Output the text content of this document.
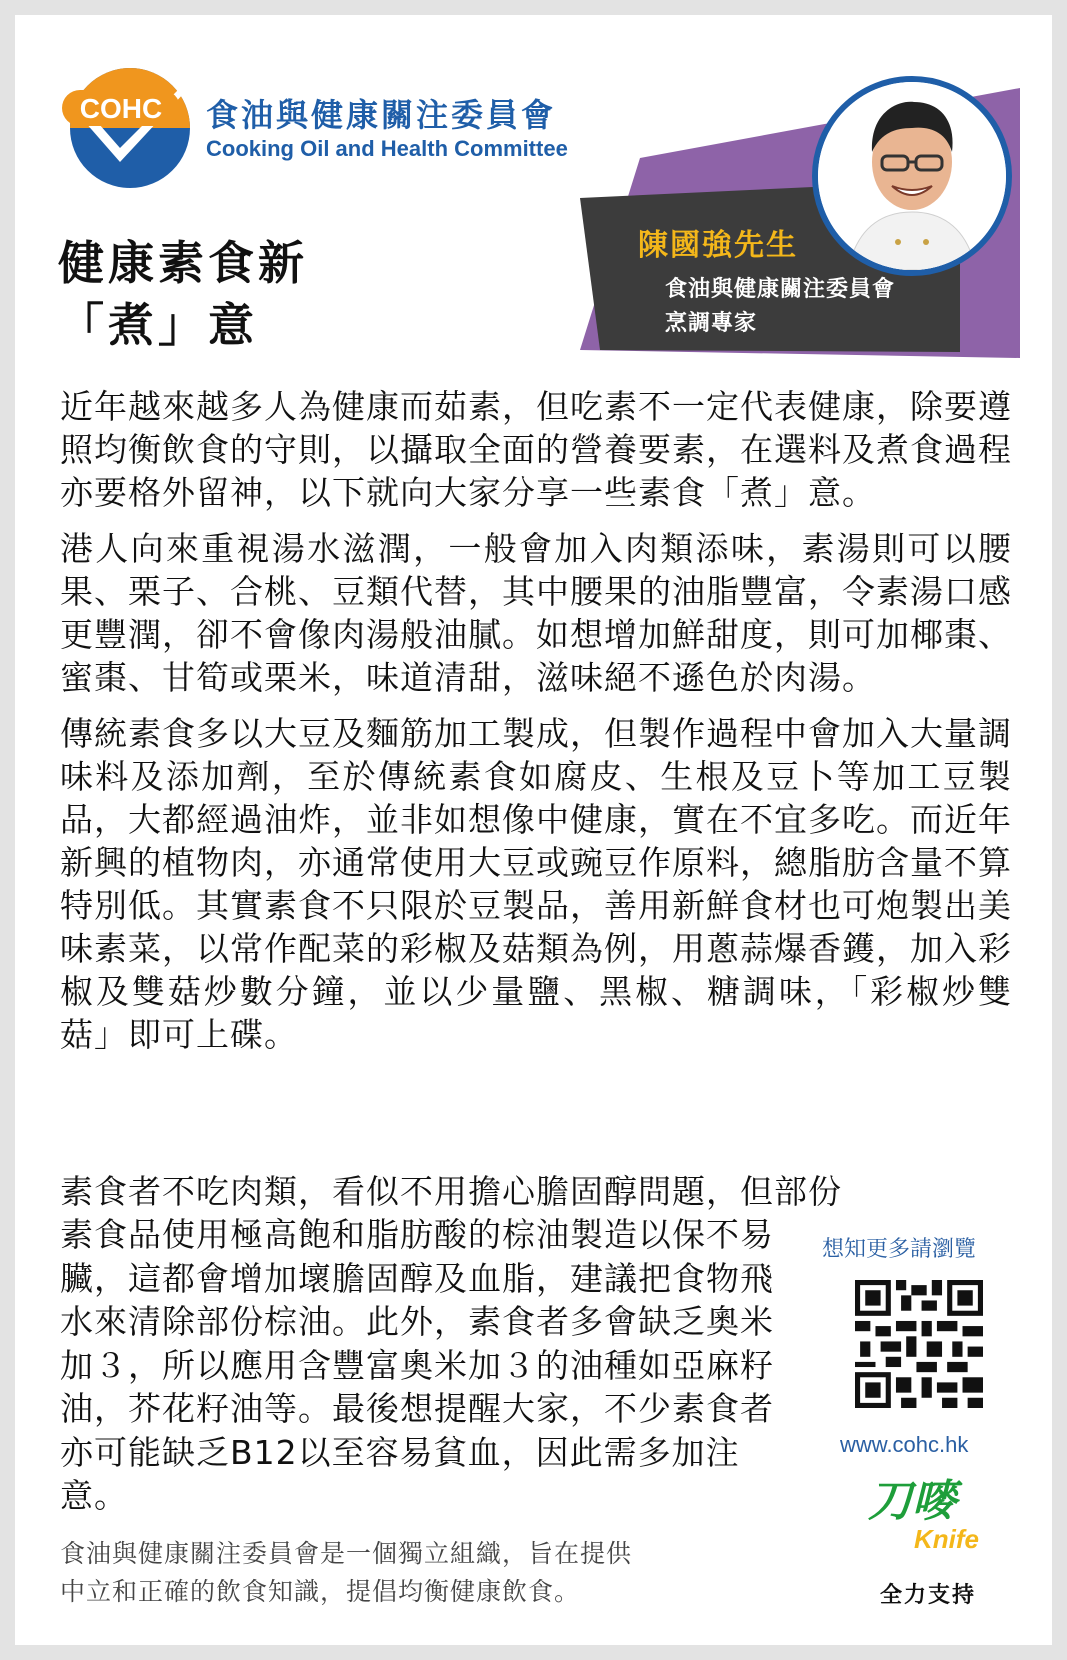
COHC 食油與健康關注委員會
Cooking Oil and Health Committee
健康素食新
「煮」意
陳國強先生
食油與健康關注委員會
烹調專家

近年越來越多人為健康而茹素，但吃素不一定代表健康，除要遵照均衡飲食的守則，以攝取全面的營養要素，在選料及煮食過程亦要格外留神，以下就向大家分享一些素食「煮」意。

港人向來重視湯水滋潤，一般會加入肉類添味，素湯則可以腰果、栗子、合桃、豆類代替，其中腰果的油脂豐富，令素湯口感更豐潤，卻不會像肉湯般油膩。如想增加鮮甜度，則可加椰棗、蜜棗、甘筍或栗米，味道清甜，滋味絕不遜色於肉湯。

傳統素食多以大豆及麵筋加工製成，但製作過程中會加入大量調味料及添加劑，至於傳統素食如腐皮、生根及豆卜等加工豆製品，大都經過油炸，並非如想像中健康，實在不宜多吃。而近年新興的植物肉，亦通常使用大豆或豌豆作原料，總脂肪含量不算特別低。其實素食不只限於豆製品，善用新鮮食材也可炮製出美味素菜，以常作配菜的彩椒及菇類為例，用蔥蒜爆香鑊，加入彩椒及雙菇炒數分鐘，並以少量鹽、黑椒、糖調味，「彩椒炒雙菇」即可上碟。

素食者不吃肉類，看似不用擔心膽固醇問題，但部份

素食品使用極高飽和脂肪酸的棕油製造以保不易臟，這都會增加壞膽固醇及血脂，建議把食物飛水來清除部份棕油。此外，素食者多會缺乏奧米加３，所以應用含豐富奧米加３的油種如亞麻籽油，芥花籽油等。最後想提醒大家，不少素食者亦可能缺乏B12以至容易貧血，因此需多加注意。

想知更多請瀏覽
www.cohc.hk
刀嘜
Knife
全力支持
食油與健康關注委員會是一個獨立組織，旨在提供
中立和正確的飲食知識，提倡均衡健康飲食。
